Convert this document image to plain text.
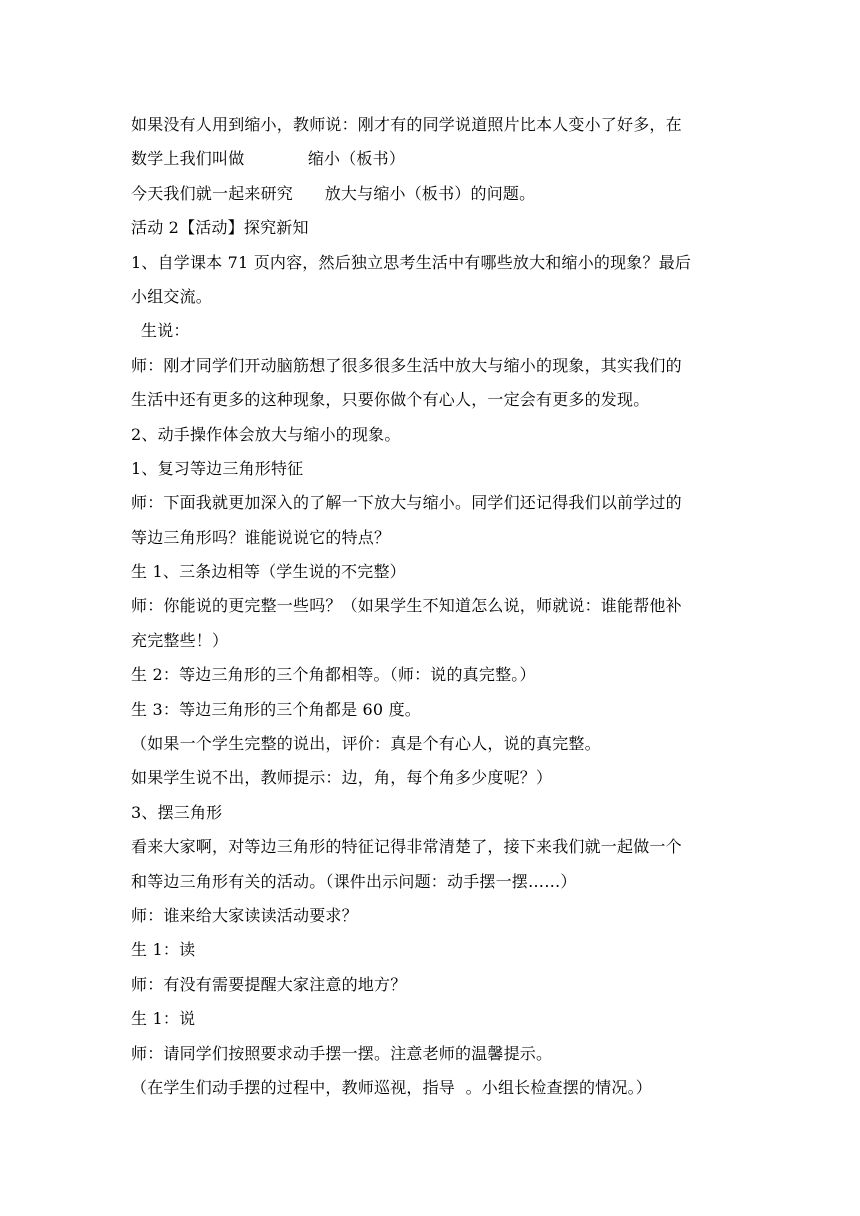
如果没有人用到缩小，教师说：刚才有的同学说道照片比本人变小了好多，在
数学上我们叫做            缩小（板书）
今天我们就一起来研究      放大与缩小（板书）的问题。
活动 2【活动】探究新知
1、自学课本 71 页内容，然后独立思考生活中有哪些放大和缩小的现象？最后
小组交流。
生说：
师：刚才同学们开动脑筋想了很多很多生活中放大与缩小的现象，其实我们的
生活中还有更多的这种现象，只要你做个有心人，一定会有更多的发现。
2、动手操作体会放大与缩小的现象。
1、复习等边三角形特征
师：下面我就更加深入的了解一下放大与缩小。同学们还记得我们以前学过的
等边三角形吗？谁能说说它的特点？
生 1、三条边相等（学生说的不完整）
师：你能说的更完整一些吗？（如果学生不知道怎么说，师就说：谁能帮他补
充完整些！）
生 2：等边三角形的三个角都相等。（师：说的真完整。）
生 3：等边三角形的三个角都是 60 度。
（如果一个学生完整的说出，评价：真是个有心人，说的真完整。
如果学生说不出，教师提示：边，角，每个角多少度呢？）
3、摆三角形
看来大家啊，对等边三角形的特征记得非常清楚了，接下来我们就一起做一个
和等边三角形有关的活动。（课件出示问题：动手摆一摆……）
师：谁来给大家读读活动要求？
生 1：读
师：有没有需要提醒大家注意的地方？
生 1：说
师：请同学们按照要求动手摆一摆。注意老师的温馨提示。
（在学生们动手摆的过程中，教师巡视，指导  。小组长检查摆的情况。）
